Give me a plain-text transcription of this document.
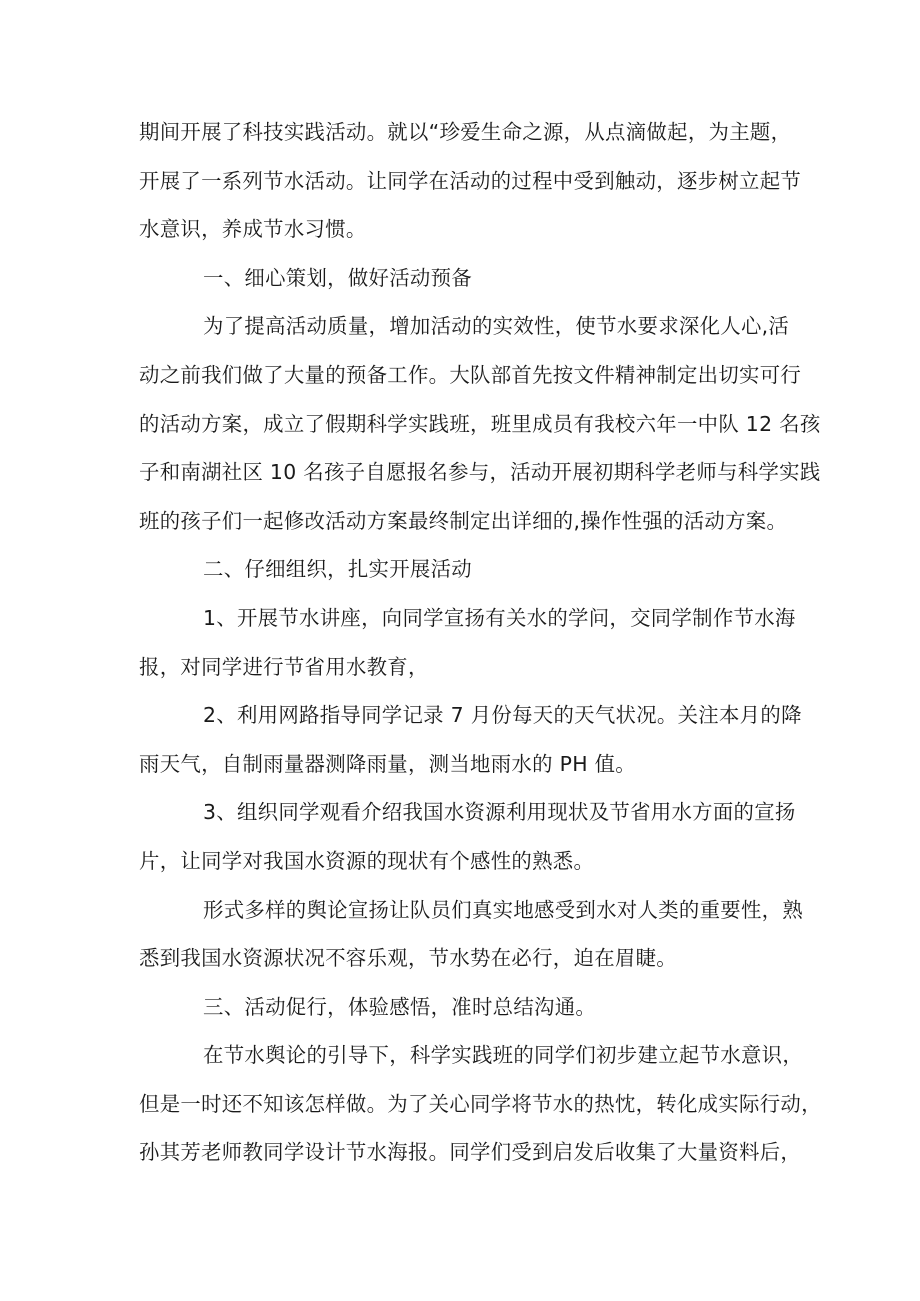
期间开展了科技实践活动。就以“珍爱生命之源，从点滴做起，为主题，
开展了一系列节水活动。让同学在活动的过程中受到触动，逐步树立起节
水意识，养成节水习惯。

一、细心策划，做好活动预备

为了提高活动质量，增加活动的实效性，使节水要求深化人心,活
动之前我们做了大量的预备工作。大队部首先按文件精神制定出切实可行
的活动方案，成立了假期科学实践班，班里成员有我校六年一中队 12 名孩
子和南湖社区 10 名孩子自愿报名参与，活动开展初期科学老师与科学实践
班的孩子们一起修改活动方案最终制定出详细的,操作性强的活动方案。

二、仔细组织，扎实开展活动

1、开展节水讲座，向同学宣扬有关水的学问，交同学制作节水海
报，对同学进行节省用水教育，

2、利用网路指导同学记录 7 月份每天的天气状况。关注本月的降
雨天气，自制雨量器测降雨量，测当地雨水的 PH 值。

3、组织同学观看介绍我国水资源利用现状及节省用水方面的宣扬
片，让同学对我国水资源的现状有个感性的熟悉。

形式多样的舆论宣扬让队员们真实地感受到水对人类的重要性，熟
悉到我国水资源状况不容乐观，节水势在必行，迫在眉睫。

三、活动促行，体验感悟，准时总结沟通。

在节水舆论的引导下，科学实践班的同学们初步建立起节水意识，
但是一时还不知该怎样做。为了关心同学将节水的热忱，转化成实际行动，
孙其芳老师教同学设计节水海报。同学们受到启发后收集了大量资料后，
